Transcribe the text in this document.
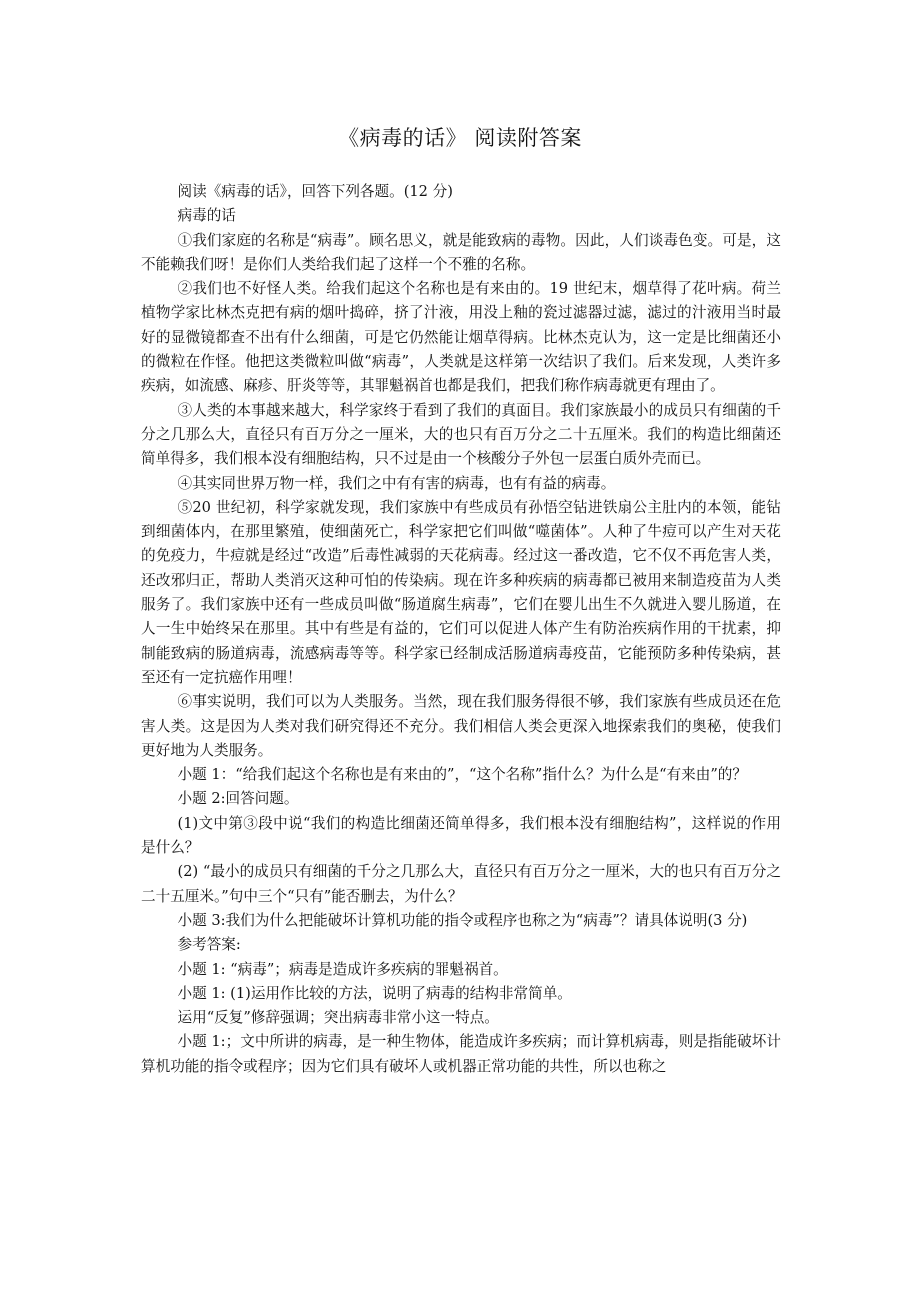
《病毒的话》 阅读附答案

阅读《病毒的话》，回答下列各题。(12 分)

病毒的话

①我们家庭的名称是“病毒”。顾名思义，就是能致病的毒物。因此，人们谈毒色变。可是，这不能赖我们呀！是你们人类给我们起了这样一个不雅的名称。

②我们也不好怪人类。给我们起这个名称也是有来由的。19 世纪末，烟草得了花叶病。荷兰植物学家比林杰克把有病的烟叶捣碎，挤了汁液，用没上釉的瓷过滤器过滤，滤过的汁液用当时最好的显微镜都查不出有什么细菌，可是它仍然能让烟草得病。比林杰克认为，这一定是比细菌还小的微粒在作怪。他把这类微粒叫做“病毒”，人类就是这样第一次结识了我们。后来发现，人类许多疾病，如流感、麻疹、肝炎等等，其罪魁祸首也都是我们，把我们称作病毒就更有理由了。

③人类的本事越来越大，科学家终于看到了我们的真面目。我们家族最小的成员只有细菌的千分之几那么大，直径只有百万分之一厘米，大的也只有百万分之二十五厘米。我们的构造比细菌还简单得多，我们根本没有细胞结构，只不过是由一个核酸分子外包一层蛋白质外壳而已。

④其实同世界万物一样，我们之中有有害的病毒，也有有益的病毒。

⑤20 世纪初，科学家就发现，我们家族中有些成员有孙悟空钻进铁扇公主肚内的本领，能钻到细菌体内，在那里繁殖，使细菌死亡，科学家把它们叫做“噬菌体”。人种了牛痘可以产生对天花的免疫力，牛痘就是经过“改造”后毒性减弱的天花病毒。经过这一番改造，它不仅不再危害人类，还改邪归正，帮助人类消灭这种可怕的传染病。现在许多种疾病的病毒都已被用来制造疫苗为人类服务了。我们家族中还有一些成员叫做“肠道腐生病毒”，它们在婴儿出生不久就进入婴儿肠道，在人一生中始终呆在那里。其中有些是有益的，它们可以促进人体产生有防治疾病作用的干扰素，抑制能致病的肠道病毒，流感病毒等等。科学家已经制成活肠道病毒疫苗，它能预防多种传染病，甚至还有一定抗癌作用哩！

⑥事实说明，我们可以为人类服务。当然，现在我们服务得很不够，我们家族有些成员还在危害人类。这是因为人类对我们研究得还不充分。我们相信人类会更深入地探索我们的奥秘，使我们更好地为人类服务。

小题 1：“给我们起这个名称也是有来由的”，“这个名称”指什么？为什么是“有来由”的？

小题 2:回答问题。

(1)文中第③段中说“我们的构造比细菌还简单得多，我们根本没有细胞结构”，这样说的作用是什么？

(2) “最小的成员只有细菌的千分之几那么大，直径只有百万分之一厘米，大的也只有百万分之二十五厘米。”句中三个“只有”能否删去，为什么？

小题 3:我们为什么把能破坏计算机功能的指令或程序也称之为“病毒”？请具体说明(3 分)

参考答案:

小题 1: “病毒”；病毒是造成许多疾病的罪魁祸首。

小题 1: (1)运用作比较的方法，说明了病毒的结构非常简单。

运用“反复”修辞强调；突出病毒非常小这一特点。

小题 1:；文中所讲的病毒，是一种生物体，能造成许多疾病；而计算机病毒，则是指能破坏计算机功能的指令或程序；因为它们具有破坏人或机器正常功能的共性，所以也称之
